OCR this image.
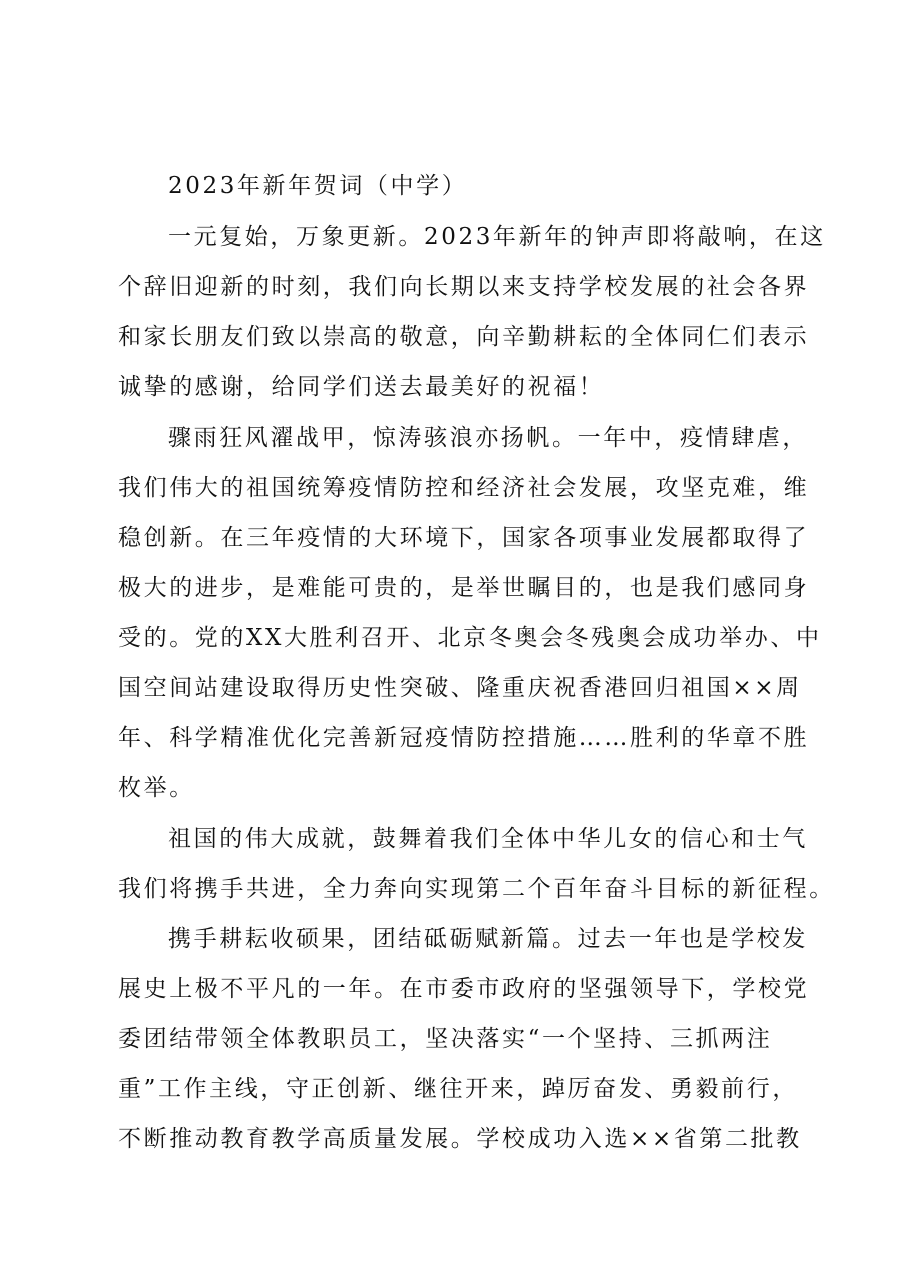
2023年新年贺词（中学）
一元复始，万象更新。2023年新年的钟声即将敲响，在这
个辞旧迎新的时刻，我们向长期以来支持学校发展的社会各界
和家长朋友们致以崇高的敬意，向辛勤耕耘的全体同仁们表示
诚挚的感谢，给同学们送去最美好的祝福！
骤雨狂风濯战甲，惊涛骇浪亦扬帆。一年中，疫情肆虐，
我们伟大的祖国统筹疫情防控和经济社会发展，攻坚克难，维
稳创新。在三年疫情的大环境下，国家各项事业发展都取得了
极大的进步，是难能可贵的，是举世瞩目的，也是我们感同身
受的。党的XX大胜利召开、北京冬奥会冬残奥会成功举办、中
国空间站建设取得历史性突破、隆重庆祝香港回归祖国××周
年、科学精准优化完善新冠疫情防控措施……胜利的华章不胜
枚举。
祖国的伟大成就，鼓舞着我们全体中华儿女的信心和士气
我们将携手共进，全力奔向实现第二个百年奋斗目标的新征程。
携手耕耘收硕果，团结砥砺赋新篇。过去一年也是学校发
展史上极不平凡的一年。在市委市政府的坚强领导下，学校党
委团结带领全体教职员工，坚决落实“一个坚持、三抓两注
重”工作主线，守正创新、继往开来，踔厉奋发、勇毅前行，
不断推动教育教学高质量发展。学校成功入选××省第二批教
